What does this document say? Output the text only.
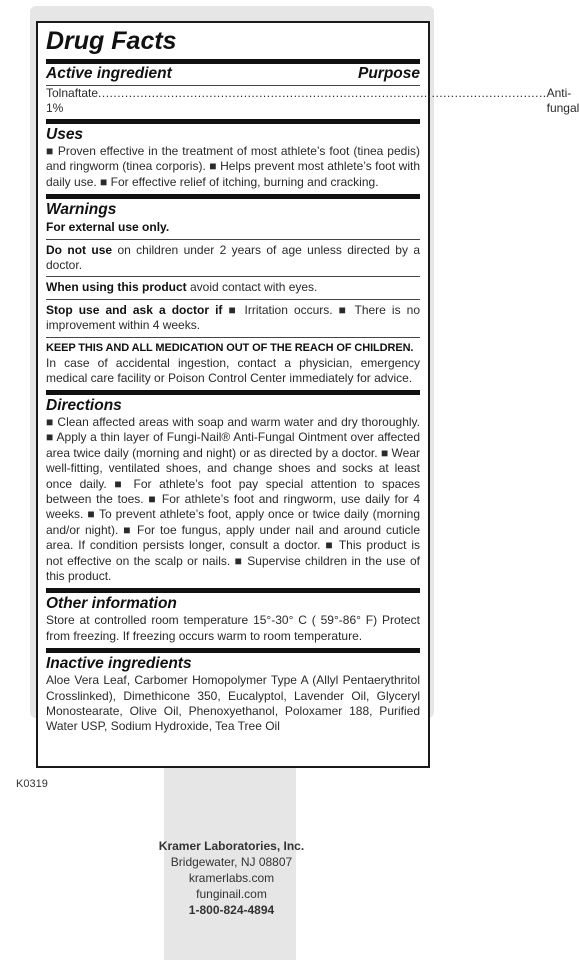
Drug Facts
Active ingredient	Purpose
Tolnaftate 1%
..................................................................................................................... Anti-fungal
Uses

■ Proven effective in the treatment of most athlete’s foot (tinea pedis) and ringworm (tinea corporis). ■ Helps prevent most athlete’s foot with daily use. ■ For effective relief of itching, burning and cracking.

Warnings

For external use only.

Do not use on children under 2 years of age unless directed by a doctor.

When using this product avoid contact with eyes.

Stop use and ask a doctor if ■ Irritation occurs. ■ There is no improvement within 4 weeks.

KEEP THIS AND ALL MEDICATION OUT OF THE REACH OF CHILDREN.

In case of accidental ingestion, contact a physician, emergency medical care facility or Poison Control Center immediately for advice.

Directions

■ Clean affected areas with soap and warm water and dry thoroughly. ■ Apply a thin layer of Fungi-Nail® Anti-Fungal Ointment over affected area twice daily (morning and night) or as directed by a doctor. ■ Wear well-fitting, ventilated shoes, and change shoes and socks at least once daily. ■ For athlete’s foot pay special attention to spaces between the toes. ■ For athlete’s foot and ringworm, use daily for 4 weeks. ■ To prevent athlete’s foot, apply once or twice daily (morning and/or night). ■ For toe fungus, apply under nail and around cuticle area. If condition persists longer, consult a doctor. ■ This product is not effective on the scalp or nails. ■ Supervise children in the use of this product.

Other information

Store at controlled room temperature 15°-30° C ( 59°-86° F) Protect from freezing. If freezing occurs warm to room temperature.

Inactive ingredients

Aloe Vera Leaf, Carbomer Homopolymer Type A (Allyl Pentaerythritol Crosslinked), Dimethicone 350, Eucalyptol, Lavender Oil, Glyceryl Monostearate, Olive Oil, Phenoxyethanol, Poloxamer 188, Purified Water USP, Sodium Hydroxide, Tea Tree Oil

K0319
Kramer Laboratories, Inc.
Bridgewater, NJ 08807
kramerlabs.com
funginail.com
1-800-824-4894
